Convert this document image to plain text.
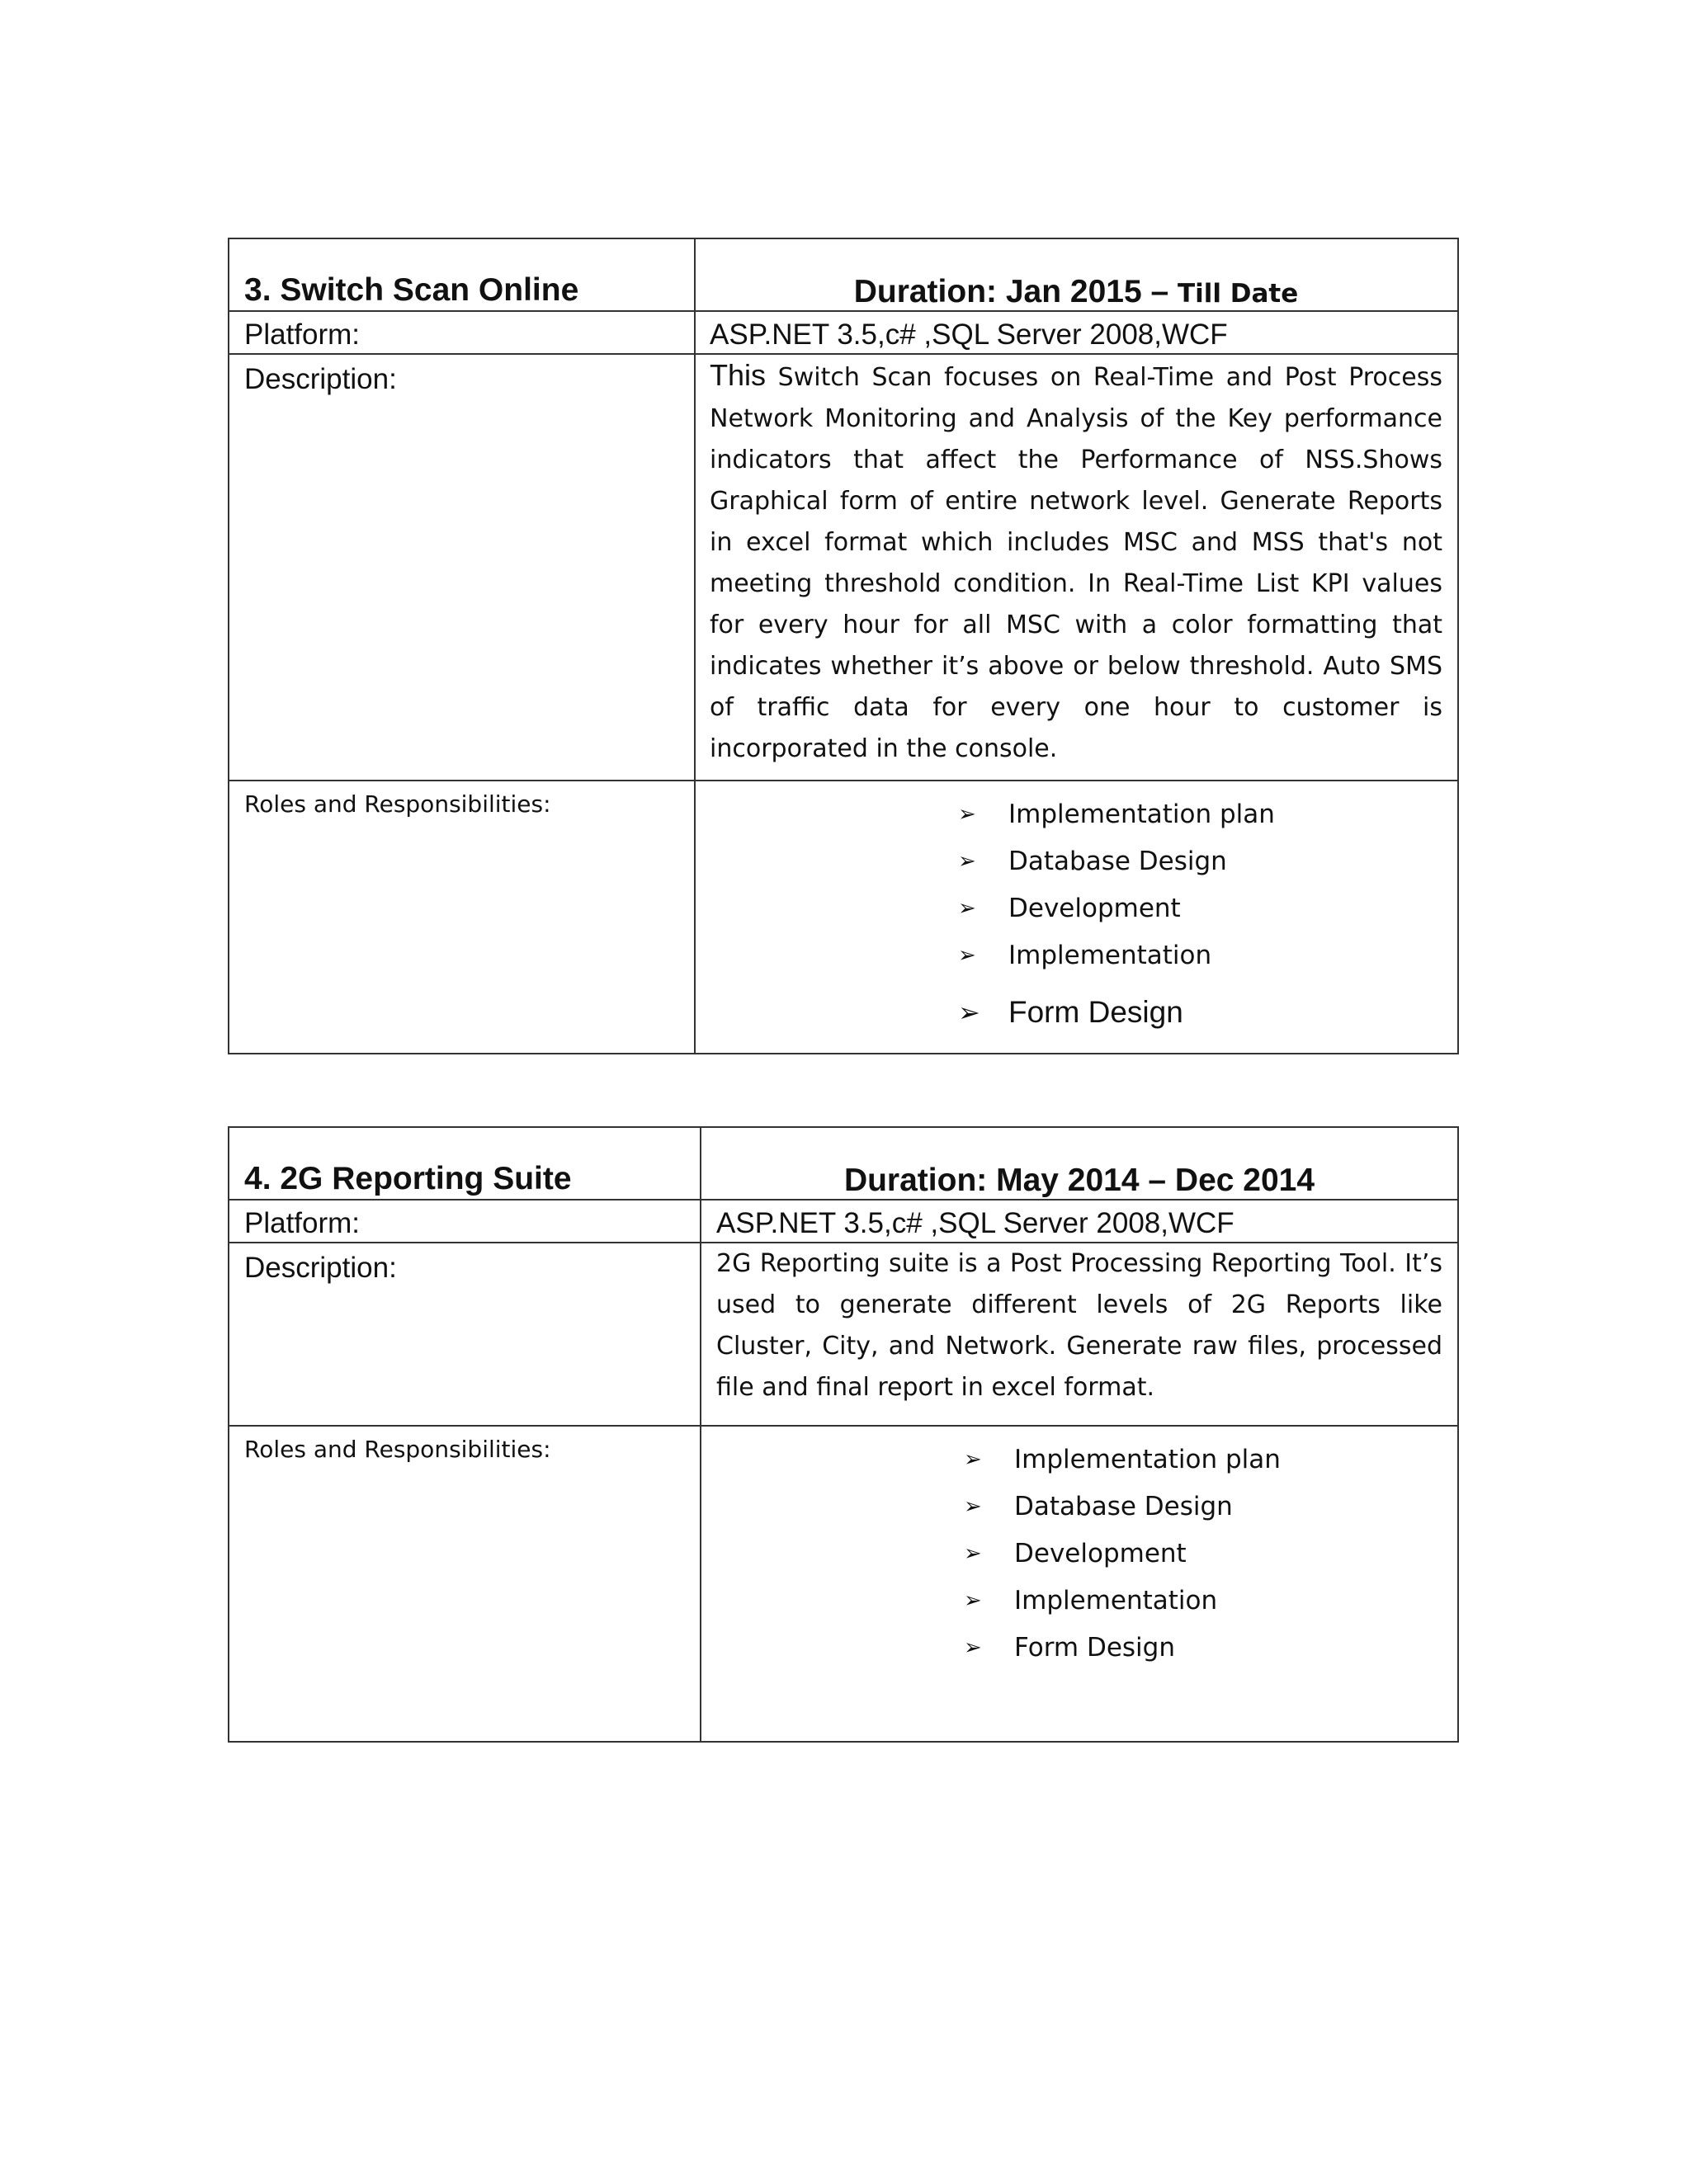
3. Switch Scan Online	Duration: Jan 2015 – Till Date
Platform:	ASP.NET 3.5,c# ,SQL Server 2008,WCF
Description:	This Switch Scan focuses on Real-Time and Post Process Network Monitoring and Analysis of the Key performance indicators that affect the Performance of NSS.Shows Graphical form of entire network level. Generate Reports in excel format which includes MSC and MSS that's not meeting threshold condition. In Real-Time List KPI values for every hour for all MSC with a color formatting that indicates whether it’s above or below threshold. Auto SMS of traffic data for every one hour to customer is incorporated in the console.

Roles and Responsibilities:	➢ Implementation plan
➢ Database Design
➢ Development
➢ Implementation
➢ Form Design
4. 2G Reporting Suite	Duration: May 2014 – Dec 2014
Platform:	ASP.NET 3.5,c# ,SQL Server 2008,WCF
Description:	2G Reporting suite is a Post Processing Reporting Tool. It’s used to generate different levels of 2G Reports like Cluster, City, and Network. Generate raw files, processed file and final report in excel format.

Roles and Responsibilities:	➢ Implementation plan
➢ Database Design
➢ Development
➢ Implementation
➢ Form Design
